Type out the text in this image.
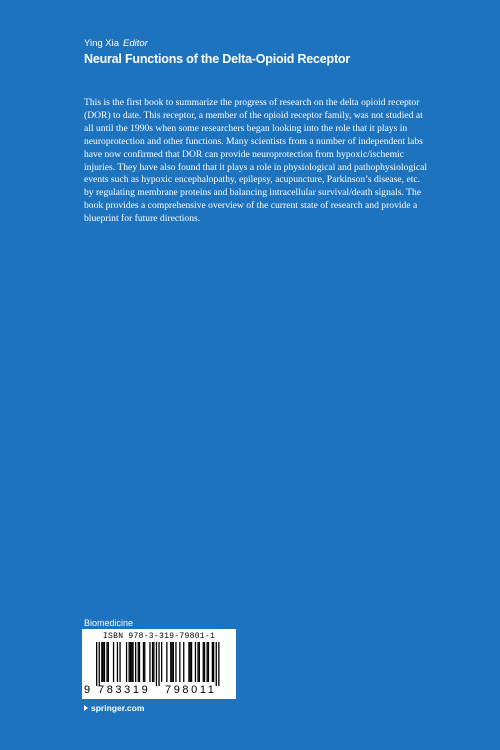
Ying Xia Editor
Neural Functions of the Delta-Opioid Receptor

This is the first book to summarize the progress of research on the delta opioid receptor (DOR) to date. This receptor, a member of the opioid receptor family, was not studied at all until the 1990s when some researchers began looking into the role that it plays in neuroprotection and other functions. Many scientists from a number of independent labs have now confirmed that DOR can provide neuroprotection from hypoxic/ischemic injuries. They have also found that it plays a role in physiological and pathophysiological events such as hypoxic encephalopathy, epilepsy, acupuncture, Parkinson’s disease, etc. by regulating membrane proteins and balancing intracellular survival/death signals. The book provides a comprehensive overview of the current state of research and provide a blueprint for future directions.

Biomedicine
ISBN 978-3-319-79801-1
9 783319 798011
springer.com
